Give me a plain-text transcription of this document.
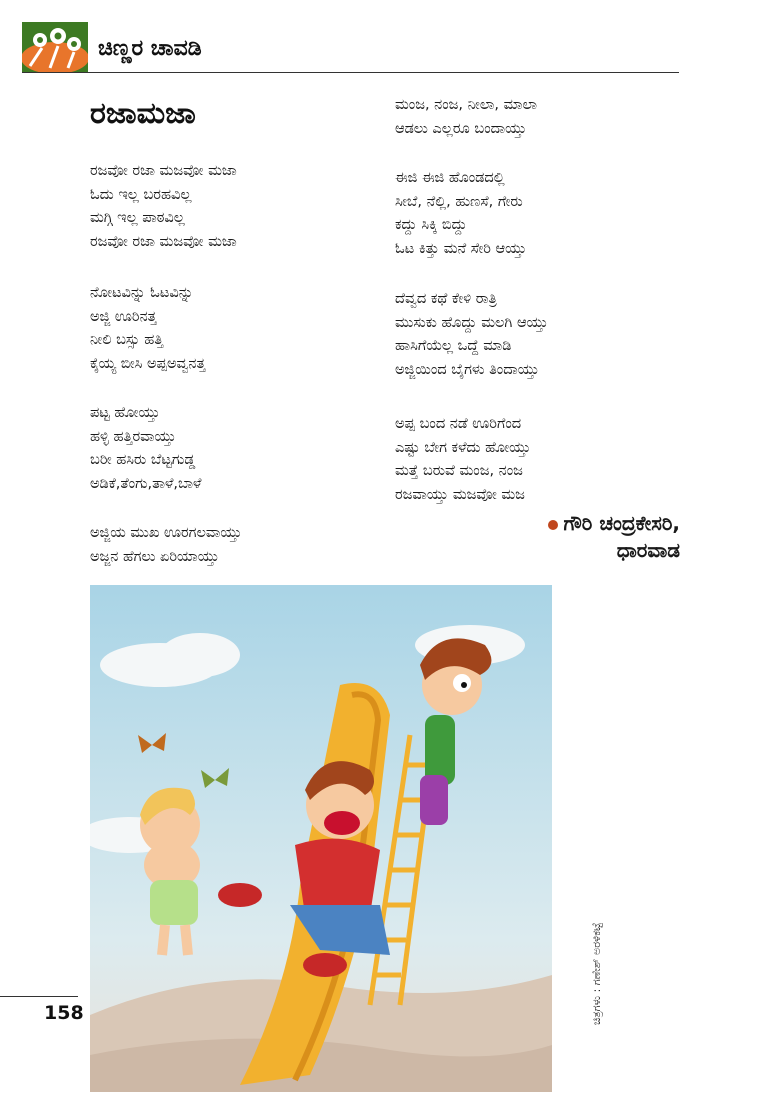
ಚಿಣ್ಣರ ಚಾವಡಿ
ರಜಾಮಜಾ
ರಜವೋ ರಜಾ ಮಜವೋ ಮಜಾ
ಓದು ಇಲ್ಲ ಬರಹವಿಲ್ಲ
ಮಗ್ಗಿ ಇಲ್ಲ ಪಾಠವಿಲ್ಲ
ರಜವೋ ರಜಾ ಮಜವೋ ಮಜಾ
ನೋಟವಿನ್ನು ಓಟವಿನ್ನು
ಅಜ್ಜಿ ಊರಿನತ್ತ
ನೀಲಿ ಬಸ್ಸು ಹತ್ತಿ
ಕೈಯ್ಯ ಬೀಸಿ ಅಪ್ಪಅವ್ವನತ್ತ
ಪಟ್ಟ ಹೋಯ್ತು
ಹಳ್ಳಿ ಹತ್ತಿರವಾಯ್ತು
ಬರೀ ಹಸಿರು ಬೆಟ್ಟಗುಡ್ಡ
ಅಡಿಕೆ,ತೆಂಗು,ತಾಳೆ,ಬಾಳೆ
ಅಜ್ಜಿಯ ಮುಖ ಊರಗಲವಾಯ್ತು
ಅಜ್ಜನ ಹೆಗಲು ಏರಿಯಾಯ್ತು
ಮಂಜ, ನಂಜ, ನೀಲಾ, ಮಾಲಾ
ಆಡಲು ಎಲ್ಲರೂ ಬಂದಾಯ್ತು
ಈಜಿ ಈಜಿ ಹೊಂಡದಲ್ಲಿ
ಸೀಬೆ, ನೆಲ್ಲಿ, ಹುಣಸೆ, ಗೇರು
ಕದ್ದು ಸಿಕ್ಕಿ ಬಿದ್ದು
ಓಟ ಕಿತ್ತು ಮನೆ ಸೇರಿ ಆಯ್ತು
ದೆವ್ವದ ಕಥೆ ಕೇಳಿ ರಾತ್ರಿ
ಮುಸುಕು ಹೊದ್ದು ಮಲಗಿ ಆಯ್ತು
ಹಾಸಿಗೆಯೆಲ್ಲ ಒದ್ದೆ ಮಾಡಿ
ಅಜ್ಜಿಯಿಂದ ಬೈಗಳು ತಿಂದಾಯ್ತು
ಅಪ್ಪ ಬಂದ ನಡೆ ಊರಿಗೆಂದ
ಎಷ್ಟು ಬೇಗ ಕಳೆದು ಹೋಯ್ತು
ಮತ್ತೆ ಬರುವೆ ಮಂಜ, ನಂಜ
ರಜವಾಯ್ತು ಮಜವೋ ಮಜ
ಗೌರಿ ಚಂದ್ರಕೇಸರಿ,
ಧಾರವಾಡ
ಚಿತ್ರಗಳು : ಗಣೇಶ್ ಅರಳಿಕಟ್ಟೆ
158
